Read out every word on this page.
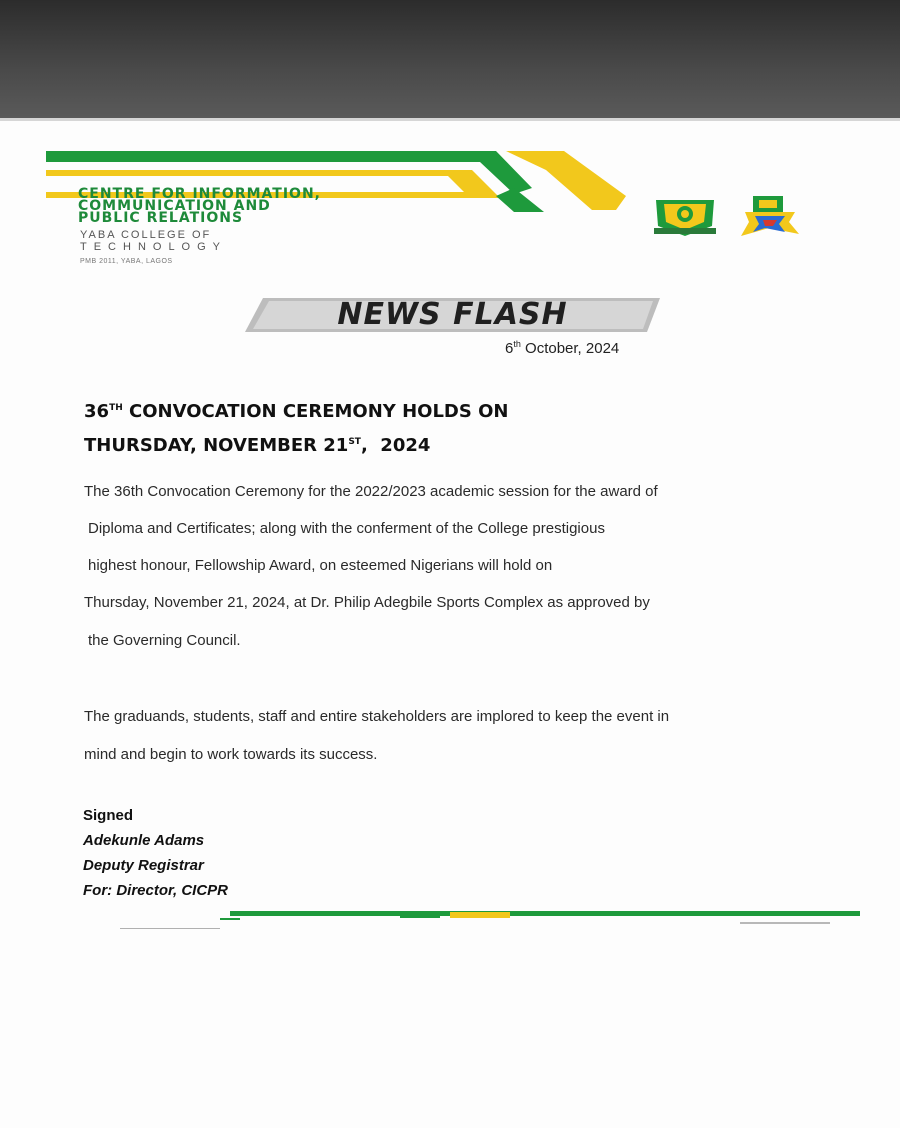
CENTRE FOR INFORMATION,
COMMUNICATION AND
PUBLIC RELATIONS
YABA COLLEGE OF
TECHNOLOGY
PMB 2011, YABA, LAGOS
NEWS FLASH
6th October, 2024
36TH CONVOCATION CEREMONY HOLDS ON
THURSDAY, NOVEMBER 21ST,  2024
The 36th Convocation Ceremony for the 2022/2023 academic session for the award of
Diploma and Certificates; along with the conferment of the College prestigious
highest honour, Fellowship Award, on esteemed Nigerians will hold on
Thursday, November 21, 2024, at Dr. Philip Adegbile Sports Complex as approved by
the Governing Council.
The graduands, students, staff and entire stakeholders are implored to keep the event in
mind and begin to work towards its success.
Signed
Adekunle Adams
Deputy Registrar
For: Director, CICPR
